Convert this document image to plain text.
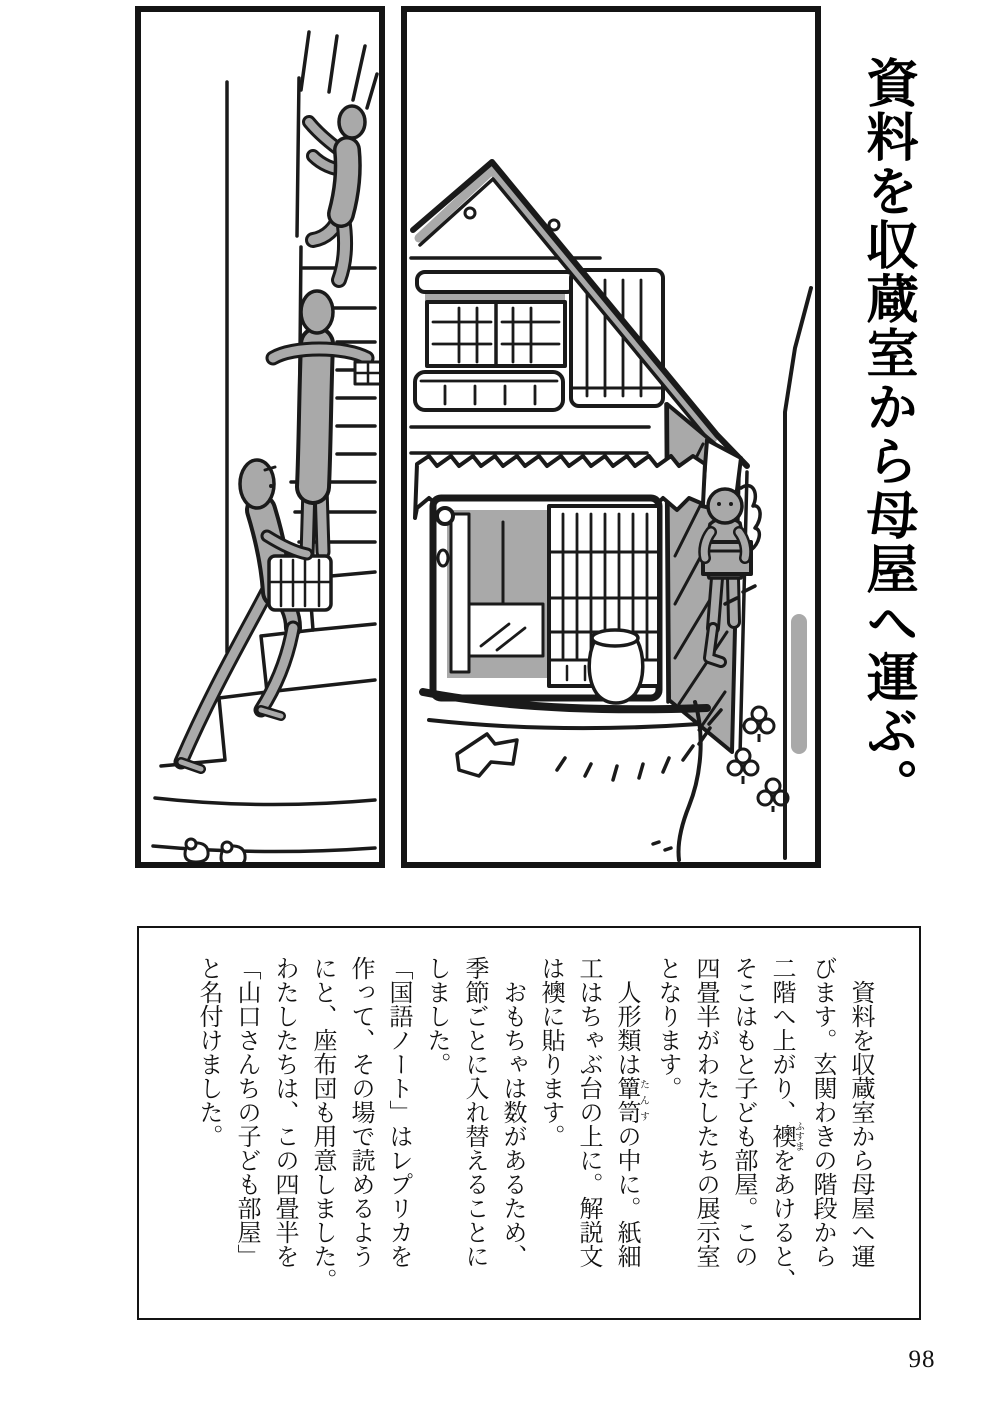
資料を収蔵室から母屋へ運ぶ。

資料を収蔵室から母屋へ運

びます。玄関わきの階段から

二階へ上がり、襖ふすまをあけると、

そこはもと子ども部屋。この

四畳半がわたしたちの展示室

となります。

人形類は簞笥たんすの中に。紙細

工はちゃぶ台の上に。解説文

は襖に貼ります。

おもちゃは数があるため、

季節ごとに入れ替えることに

しました。

「国語ノート」はレプリカを

作って、その場で読めるよう

にと、座布団も用意しました。

わたしたちは、この四畳半を

「山口さんちの子ども部屋」

と名付けました。

98
